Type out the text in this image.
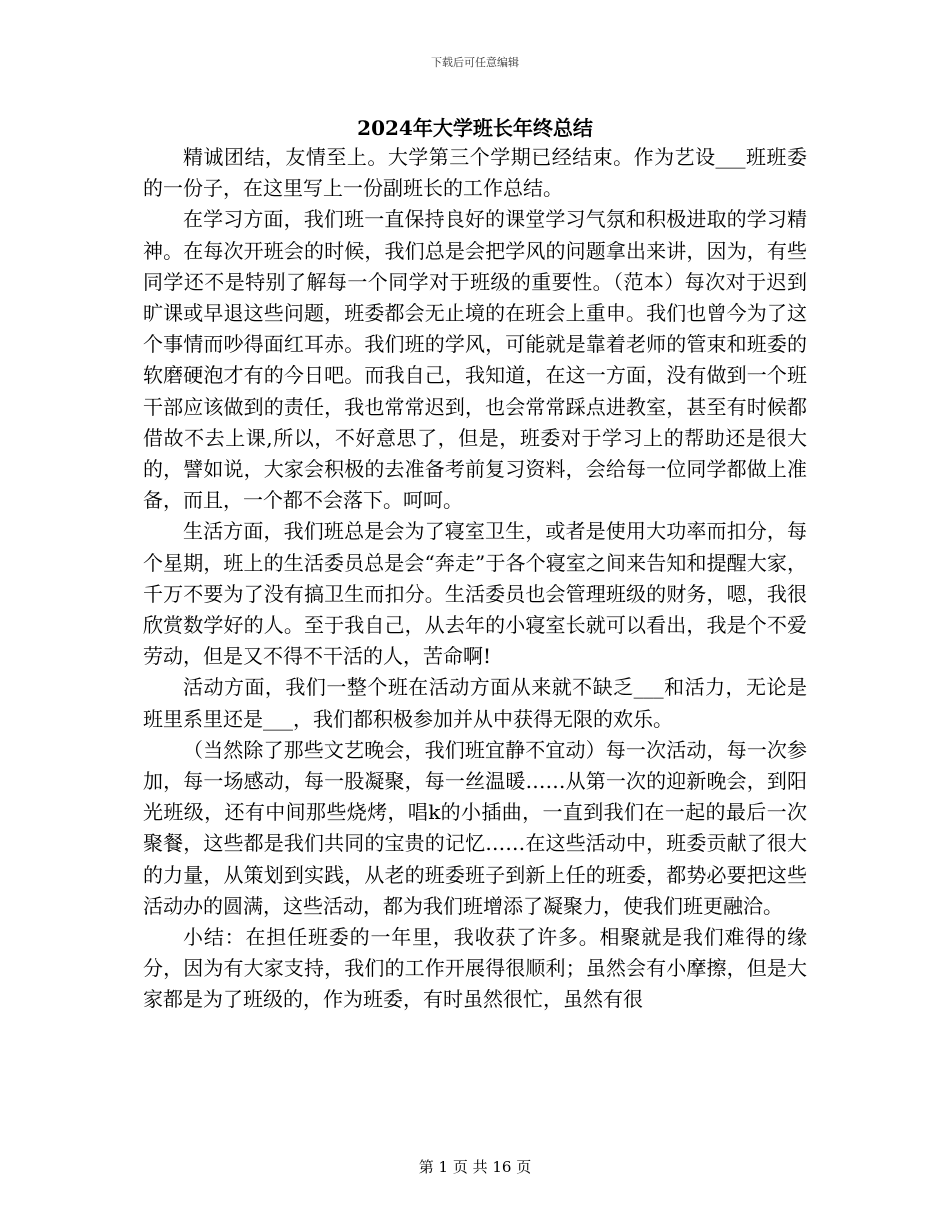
下载后可任意编辑
2024年大学班长年终总结

精诚团结，友情至上。大学第三个学期已经结束。作为艺设___班班委的一份子，在这里写上一份副班长的工作总结。

在学习方面，我们班一直保持良好的课堂学习气氛和积极进取的学习精神。在每次开班会的时候，我们总是会把学风的问题拿出来讲，因为，有些同学还不是特别了解每一个同学对于班级的重要性。（范本）每次对于迟到旷课或早退这些问题，班委都会无止境的在班会上重申。我们也曾今为了这个事情而吵得面红耳赤。我们班的学风，可能就是靠着老师的管束和班委的软磨硬泡才有的今日吧。而我自己，我知道，在这一方面，没有做到一个班干部应该做到的责任，我也常常迟到，也会常常踩点进教室，甚至有时候都借故不去上课,所以，不好意思了，但是，班委对于学习上的帮助还是很大的，譬如说，大家会积极的去准备考前复习资料，会给每一位同学都做上准备，而且，一个都不会落下。呵呵。

生活方面，我们班总是会为了寝室卫生，或者是使用大功率而扣分，每个星期，班上的生活委员总是会“奔走”于各个寝室之间来告知和提醒大家，千万不要为了没有搞卫生而扣分。生活委员也会管理班级的财务，嗯，我很欣赏数学好的人。至于我自己，从去年的小寝室长就可以看出，我是个不爱劳动，但是又不得不干活的人，苦命啊!

活动方面，我们一整个班在活动方面从来就不缺乏___和活力，无论是班里系里还是___，我们都积极参加并从中获得无限的欢乐。

（当然除了那些文艺晚会，我们班宜静不宜动）每一次活动，每一次参加，每一场感动，每一股凝聚，每一丝温暖……从第一次的迎新晚会，到阳光班级，还有中间那些烧烤，唱k的小插曲，一直到我们在一起的最后一次聚餐，这些都是我们共同的宝贵的记忆……在这些活动中，班委贡献了很大的力量，从策划到实践，从老的班委班子到新上任的班委，都势必要把这些活动办的圆满，这些活动，都为我们班增添了凝聚力，使我们班更融洽。

小结：在担任班委的一年里，我收获了许多。相聚就是我们难得的缘分，因为有大家支持，我们的工作开展得很顺利；虽然会有小摩擦，但是大家都是为了班级的，作为班委，有时虽然很忙，虽然有很

第 1 页 共 16 页
